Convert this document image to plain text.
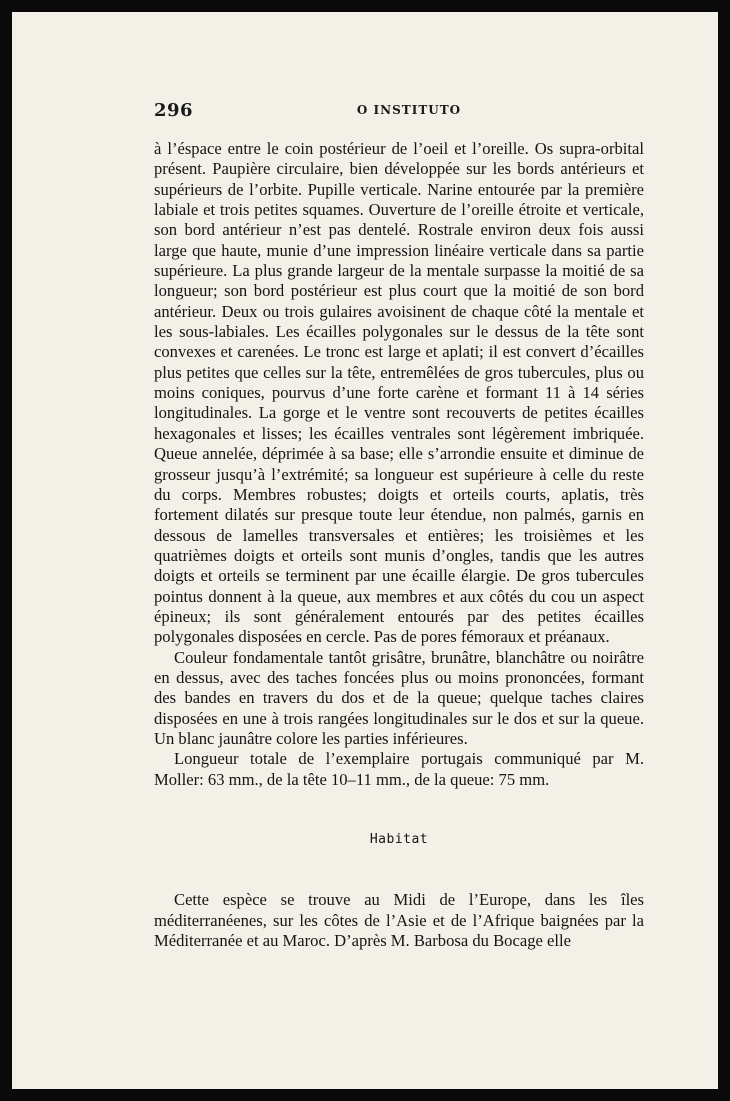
296	O INSTITUTO

à l’éspace entre le coin postérieur de l’oeil et l’oreille. Os supra-orbital présent. Paupière circulaire, bien développée sur les bords antérieurs et supérieurs de l’orbite. Pupille verticale. Narine entourée par la première labiale et trois petites squames. Ouverture de l’oreille étroite et verticale, son bord antérieur n’est pas dentelé. Rostrale environ deux fois aussi large que haute, munie d’une impression linéaire verticale dans sa partie supérieure. La plus grande largeur de la mentale surpasse la moitié de sa longueur; son bord postérieur est plus court que la moitié de son bord antérieur. Deux ou trois gulaires avoisinent de chaque côté la mentale et les sous-labiales. Les écailles polygonales sur le dessus de la tête sont convexes et carenées. Le tronc est large et aplati; il est convert d’écailles plus petites que celles sur la tête, entremêlées de gros tubercules, plus ou moins coniques, pourvus d’une forte carène et formant 11 à 14 séries longitudinales. La gorge et le ventre sont recouverts de petites écailles hexagonales et lisses; les écailles ventrales sont légèrement imbriquée. Queue annelée, déprimée à sa base; elle s’arrondie ensuite et diminue de grosseur jusqu’à l’extrémité; sa longueur est supérieure à celle du reste du corps. Membres robustes; doigts et orteils courts, aplatis, très fortement dilatés sur presque toute leur étendue, non palmés, garnis en dessous de lamelles transversales et entières; les troisièmes et les quatrièmes doigts et orteils sont munis d’ongles, tandis que les autres doigts et orteils se terminent par une écaille élargie. De gros tubercules pointus donnent à la queue, aux membres et aux côtés du cou un aspect épineux; ils sont généralement entourés par des petites écailles polygonales disposées en cercle. Pas de pores fémoraux et préanaux.

Couleur fondamentale tantôt grisâtre, brunâtre, blanchâtre ou noirâtre en dessus, avec des taches foncées plus ou moins prononcées, formant des bandes en travers du dos et de la queue; quelque taches claires disposées en une à trois rangées longitudinales sur le dos et sur la queue. Un blanc jaunâtre colore les parties inférieures.

Longueur totale de l’exemplaire portugais communiqué par M. Moller: 63 mm., de la tête 10–11 mm., de la queue: 75 mm.

Habitat

Cette espèce se trouve au Midi de l’Europe, dans les îles méditerranéenes, sur les côtes de l’Asie et de l’Afrique baignées par la Méditerranée et au Maroc. D’après M. Barbosa du Bocage elle
